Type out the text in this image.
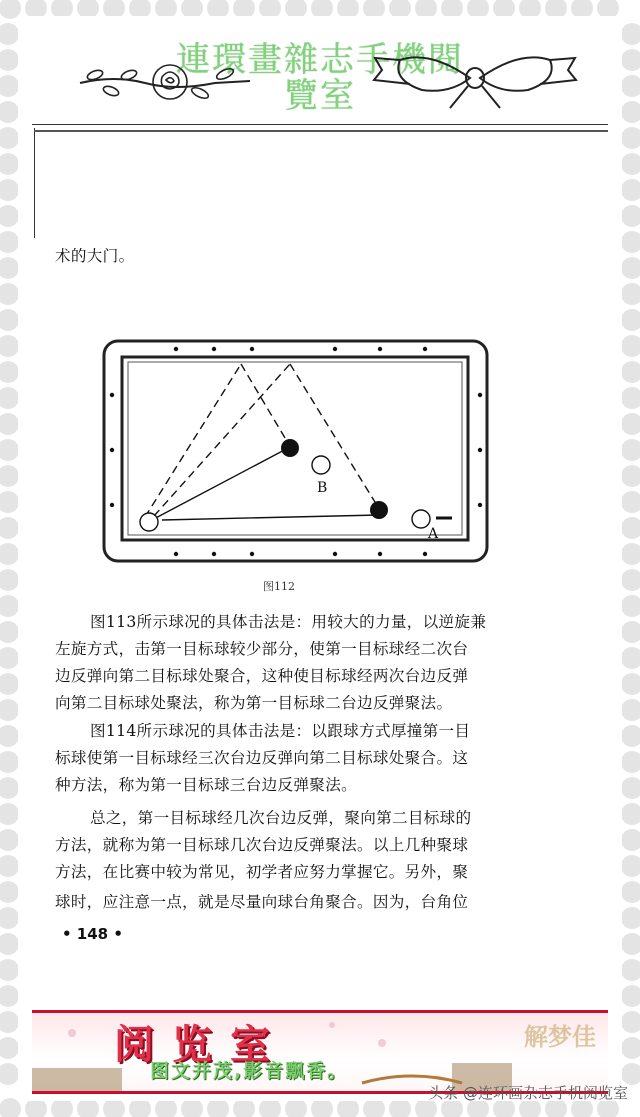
連環畫雜志手機閱
覽室
术的大门。
B
A
图112
图113所示球况的具体击法是：用较大的力量，以逆旋兼
左旋方式，击第一目标球较少部分，使第一目标球经二次台
边反弹向第二目标球处聚合，这种使目标球经两次台边反弹
向第二目标球处聚法，称为第一目标球二台边反弹聚法。
图114所示球况的具体击法是：以跟球方式厚撞第一目
标球使第一目标球经三次台边反弹向第二目标球处聚合。这
种方法，称为第一目标球三台边反弹聚法。
总之，第一目标球经几次台边反弹，聚向第二目标球的
方法，就称为第一目标球几次台边反弹聚法。以上几种聚球
方法，在比赛中较为常见，初学者应努力掌握它。另外，聚
球时，应注意一点，就是尽量向球台角聚合。因为，台角位
• 148 •
阅览室
图文并茂,影音飘香。
解梦佳
头条 @连环画杂志手机阅览室
